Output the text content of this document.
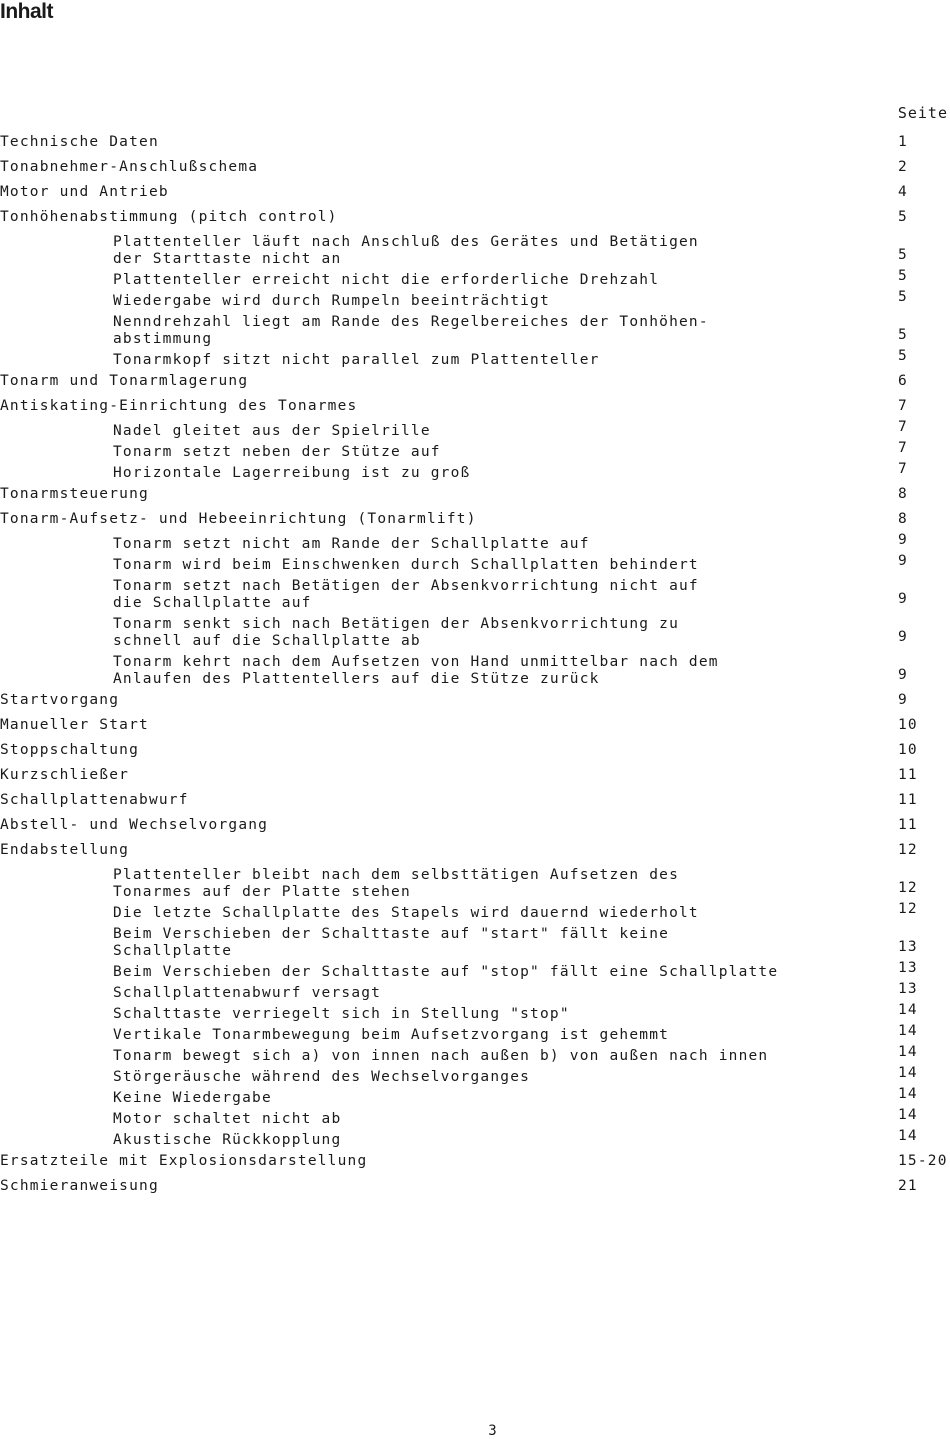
Inhalt
Seite
Technische Daten	1
Tonabnehmer-Anschlußschema	2
Motor und Antrieb	4
Tonhöhenabstimmung (pitch control)	5
Plattenteller läuft nach Anschluß des Gerätes und Betätigen
der Starttaste nicht an	5
Plattenteller erreicht nicht die erforderliche Drehzahl	5
Wiedergabe wird durch Rumpeln beeinträchtigt	5
Nenndrehzahl liegt am Rande des Regelbereiches der Tonhöhen-
abstimmung	5
Tonarmkopf sitzt nicht parallel zum Plattenteller	5
Tonarm und Tonarmlagerung	6
Antiskating-Einrichtung des Tonarmes	7
Nadel gleitet aus der Spielrille	7
Tonarm setzt neben der Stütze auf	7
Horizontale Lagerreibung ist zu groß	7
Tonarmsteuerung	8
Tonarm-Aufsetz- und Hebeeinrichtung (Tonarmlift)	8
Tonarm setzt nicht am Rande der Schallplatte auf	9
Tonarm wird beim Einschwenken durch Schallplatten behindert	9
Tonarm setzt nach Betätigen der Absenkvorrichtung nicht auf
die Schallplatte auf	9
Tonarm senkt sich nach Betätigen der Absenkvorrichtung zu
schnell auf die Schallplatte ab	9
Tonarm kehrt nach dem Aufsetzen von Hand unmittelbar nach dem
Anlaufen des Plattentellers auf die Stütze zurück	9
Startvorgang	9
Manueller Start	10
Stoppschaltung	10
Kurzschließer	11
Schallplattenabwurf	11
Abstell- und Wechselvorgang	11
Endabstellung	12
Plattenteller bleibt nach dem selbsttätigen Aufsetzen des
Tonarmes auf der Platte stehen	12
Die letzte Schallplatte des Stapels wird dauernd wiederholt	12
Beim Verschieben der Schalttaste auf "start" fällt keine
Schallplatte	13
Beim Verschieben der Schalttaste auf "stop" fällt eine Schallplatte	13
Schallplattenabwurf versagt	13
Schalttaste verriegelt sich in Stellung "stop"	14
Vertikale Tonarmbewegung beim Aufsetzvorgang ist gehemmt	14
Tonarm bewegt sich a) von innen nach außen b) von außen nach innen	14
Störgeräusche während des Wechselvorganges	14
Keine Wiedergabe	14
Motor schaltet nicht ab	14
Akustische Rückkopplung	14
Ersatzteile mit Explosionsdarstellung	15-20
Schmieranweisung	21
3
